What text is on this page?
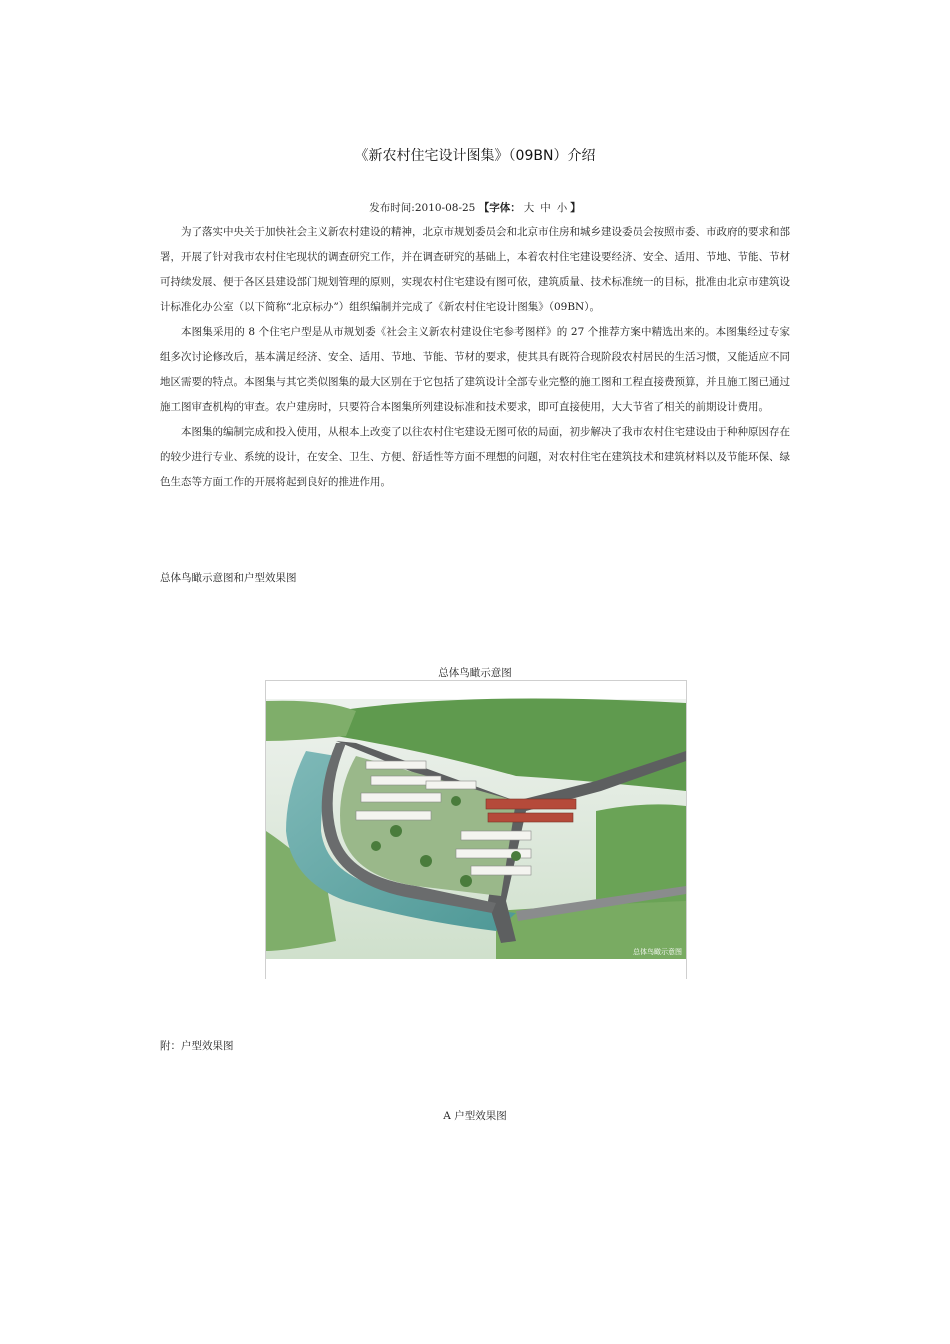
《新农村住宅设计图集》（09BN）介绍
发布时间:2010-08-25 【字体： 大 中 小 】

为了落实中央关于加快社会主义新农村建设的精神，北京市规划委员会和北京市住房和城乡建设委员会按照市委、市政府的要求和部署，开展了针对我市农村住宅现状的调查研究工作，并在调查研究的基础上，本着农村住宅建设要经济、安全、适用、节地、节能、节材可持续发展、便于各区县建设部门规划管理的原则，实现农村住宅建设有图可依，建筑质量、技术标准统一的目标，批准由北京市建筑设计标准化办公室（以下简称“北京标办”）组织编制并完成了《新农村住宅设计图集》（09BN）。

本图集采用的 8 个住宅户型是从市规划委《社会主义新农村建设住宅参考图样》的 27 个推荐方案中精选出来的。本图集经过专家组多次讨论修改后，基本满足经济、安全、适用、节地、节能、节材的要求，使其具有既符合现阶段农村居民的生活习惯，又能适应不同地区需要的特点。本图集与其它类似图集的最大区别在于它包括了建筑设计全部专业完整的施工图和工程直接费预算，并且施工图已通过施工图审查机构的审查。农户建房时，只要符合本图集所列建设标准和技术要求，即可直接使用，大大节省了相关的前期设计费用。

本图集的编制完成和投入使用，从根本上改变了以往农村住宅建设无图可依的局面，初步解决了我市农村住宅建设由于种种原因存在的较少进行专业、系统的设计，在安全、卫生、方便、舒适性等方面不理想的问题，对农村住宅在建筑技术和建筑材料以及节能环保、绿色生态等方面工作的开展将起到良好的推进作用。

总体鸟瞰示意图和户型效果图
总体鸟瞰示意图
总体鸟瞰示意图
附：户型效果图
A 户型效果图
